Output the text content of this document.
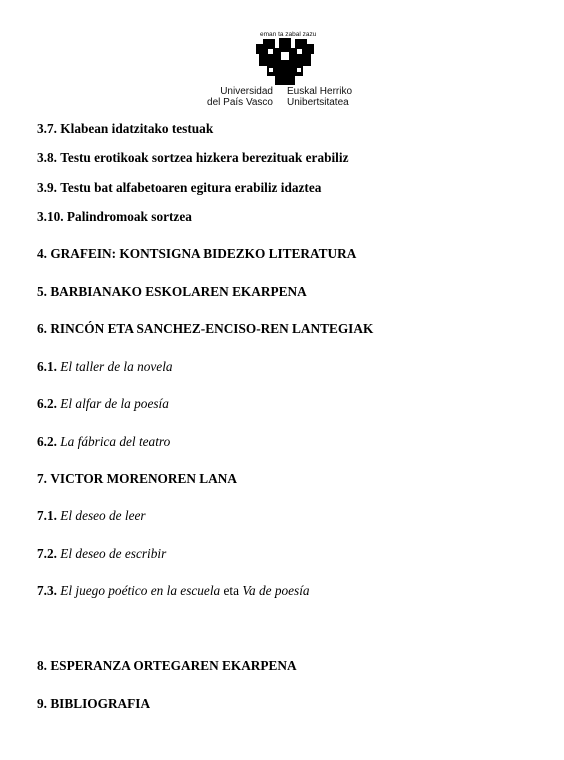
eman ta zabal zazu
Universidad
del País Vasco
Euskal Herriko
Unibertsitatea
3.7. Klabean idatzitako testuak
3.8. Testu erotikoak sortzea hizkera berezituak erabiliz
3.9. Testu bat alfabetoaren egitura erabiliz idaztea
3.10. Palindromoak sortzea
4. GRAFEIN: KONTSIGNA BIDEZKO LITERATURA
5. BARBIANAKO ESKOLAREN EKARPENA
6. RINCÓN ETA SANCHEZ-ENCISO-REN LANTEGIAK
6.1. El taller de la novela
6.2. El alfar de la poesía
6.2. La fábrica del teatro
7. VICTOR MORENOREN LANA
7.1. El deseo de leer
7.2. El deseo de escribir
7.3. El juego poético en la escuela eta Va de poesía
8. ESPERANZA ORTEGAREN EKARPENA
9. BIBLIOGRAFIA
